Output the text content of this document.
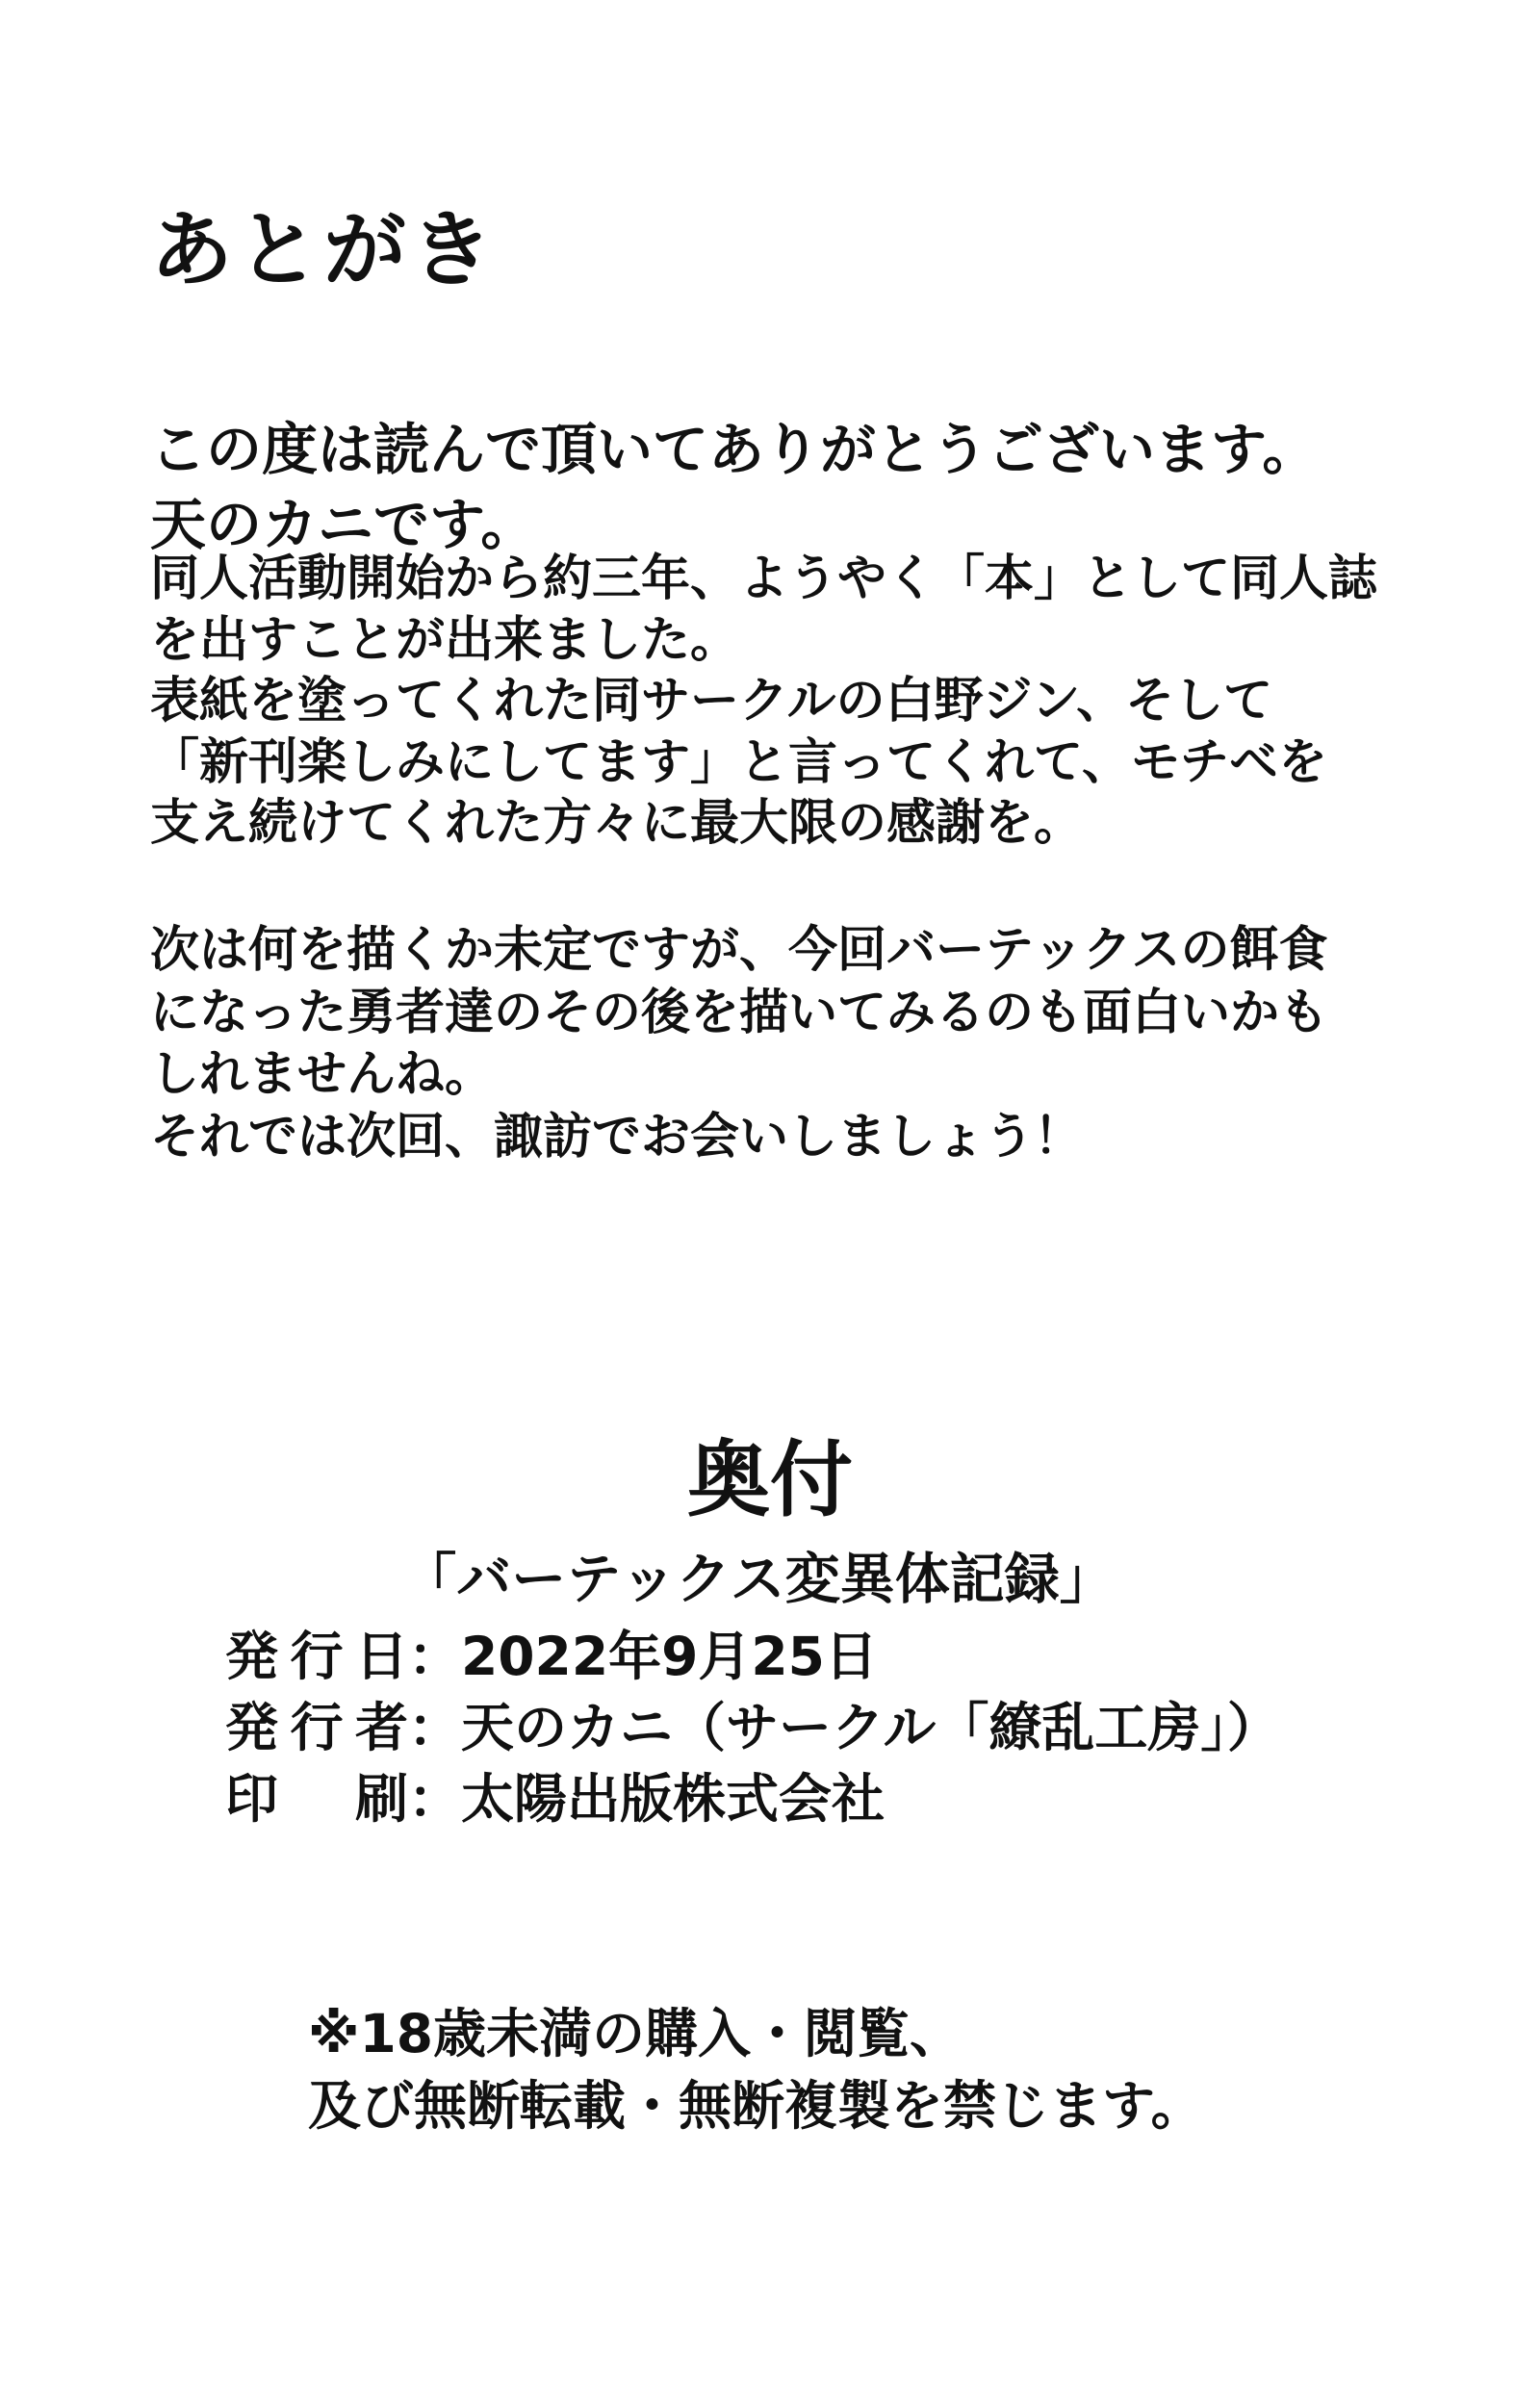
あとがき
この度は読んで頂いてありがとうございます。
天のカニです。
同人活動開始から約三年、ようやく「本」として同人誌
を出すことが出来ました。
表紙を塗ってくれた同サークルの白野ジン、そして
「新刊楽しみにしてます」と言ってくれて、モチベを
支え続けてくれた方々に最大限の感謝を。
次は何を描くか未定ですが、今回バーテックスの餌食
になった勇者達のその後を描いてみるのも面白いかも
しれませんね。
それでは次回、諏訪でお会いしましょう！
奥付
「バーテックス変異体記録」
発行日：2022年9月25日
発行者：天のカニ（サークル「繚乱工房」）
印　刷：太陽出版株式会社
※18歳未満の購入・閲覧、
及び無断転載・無断複製を禁じます。
